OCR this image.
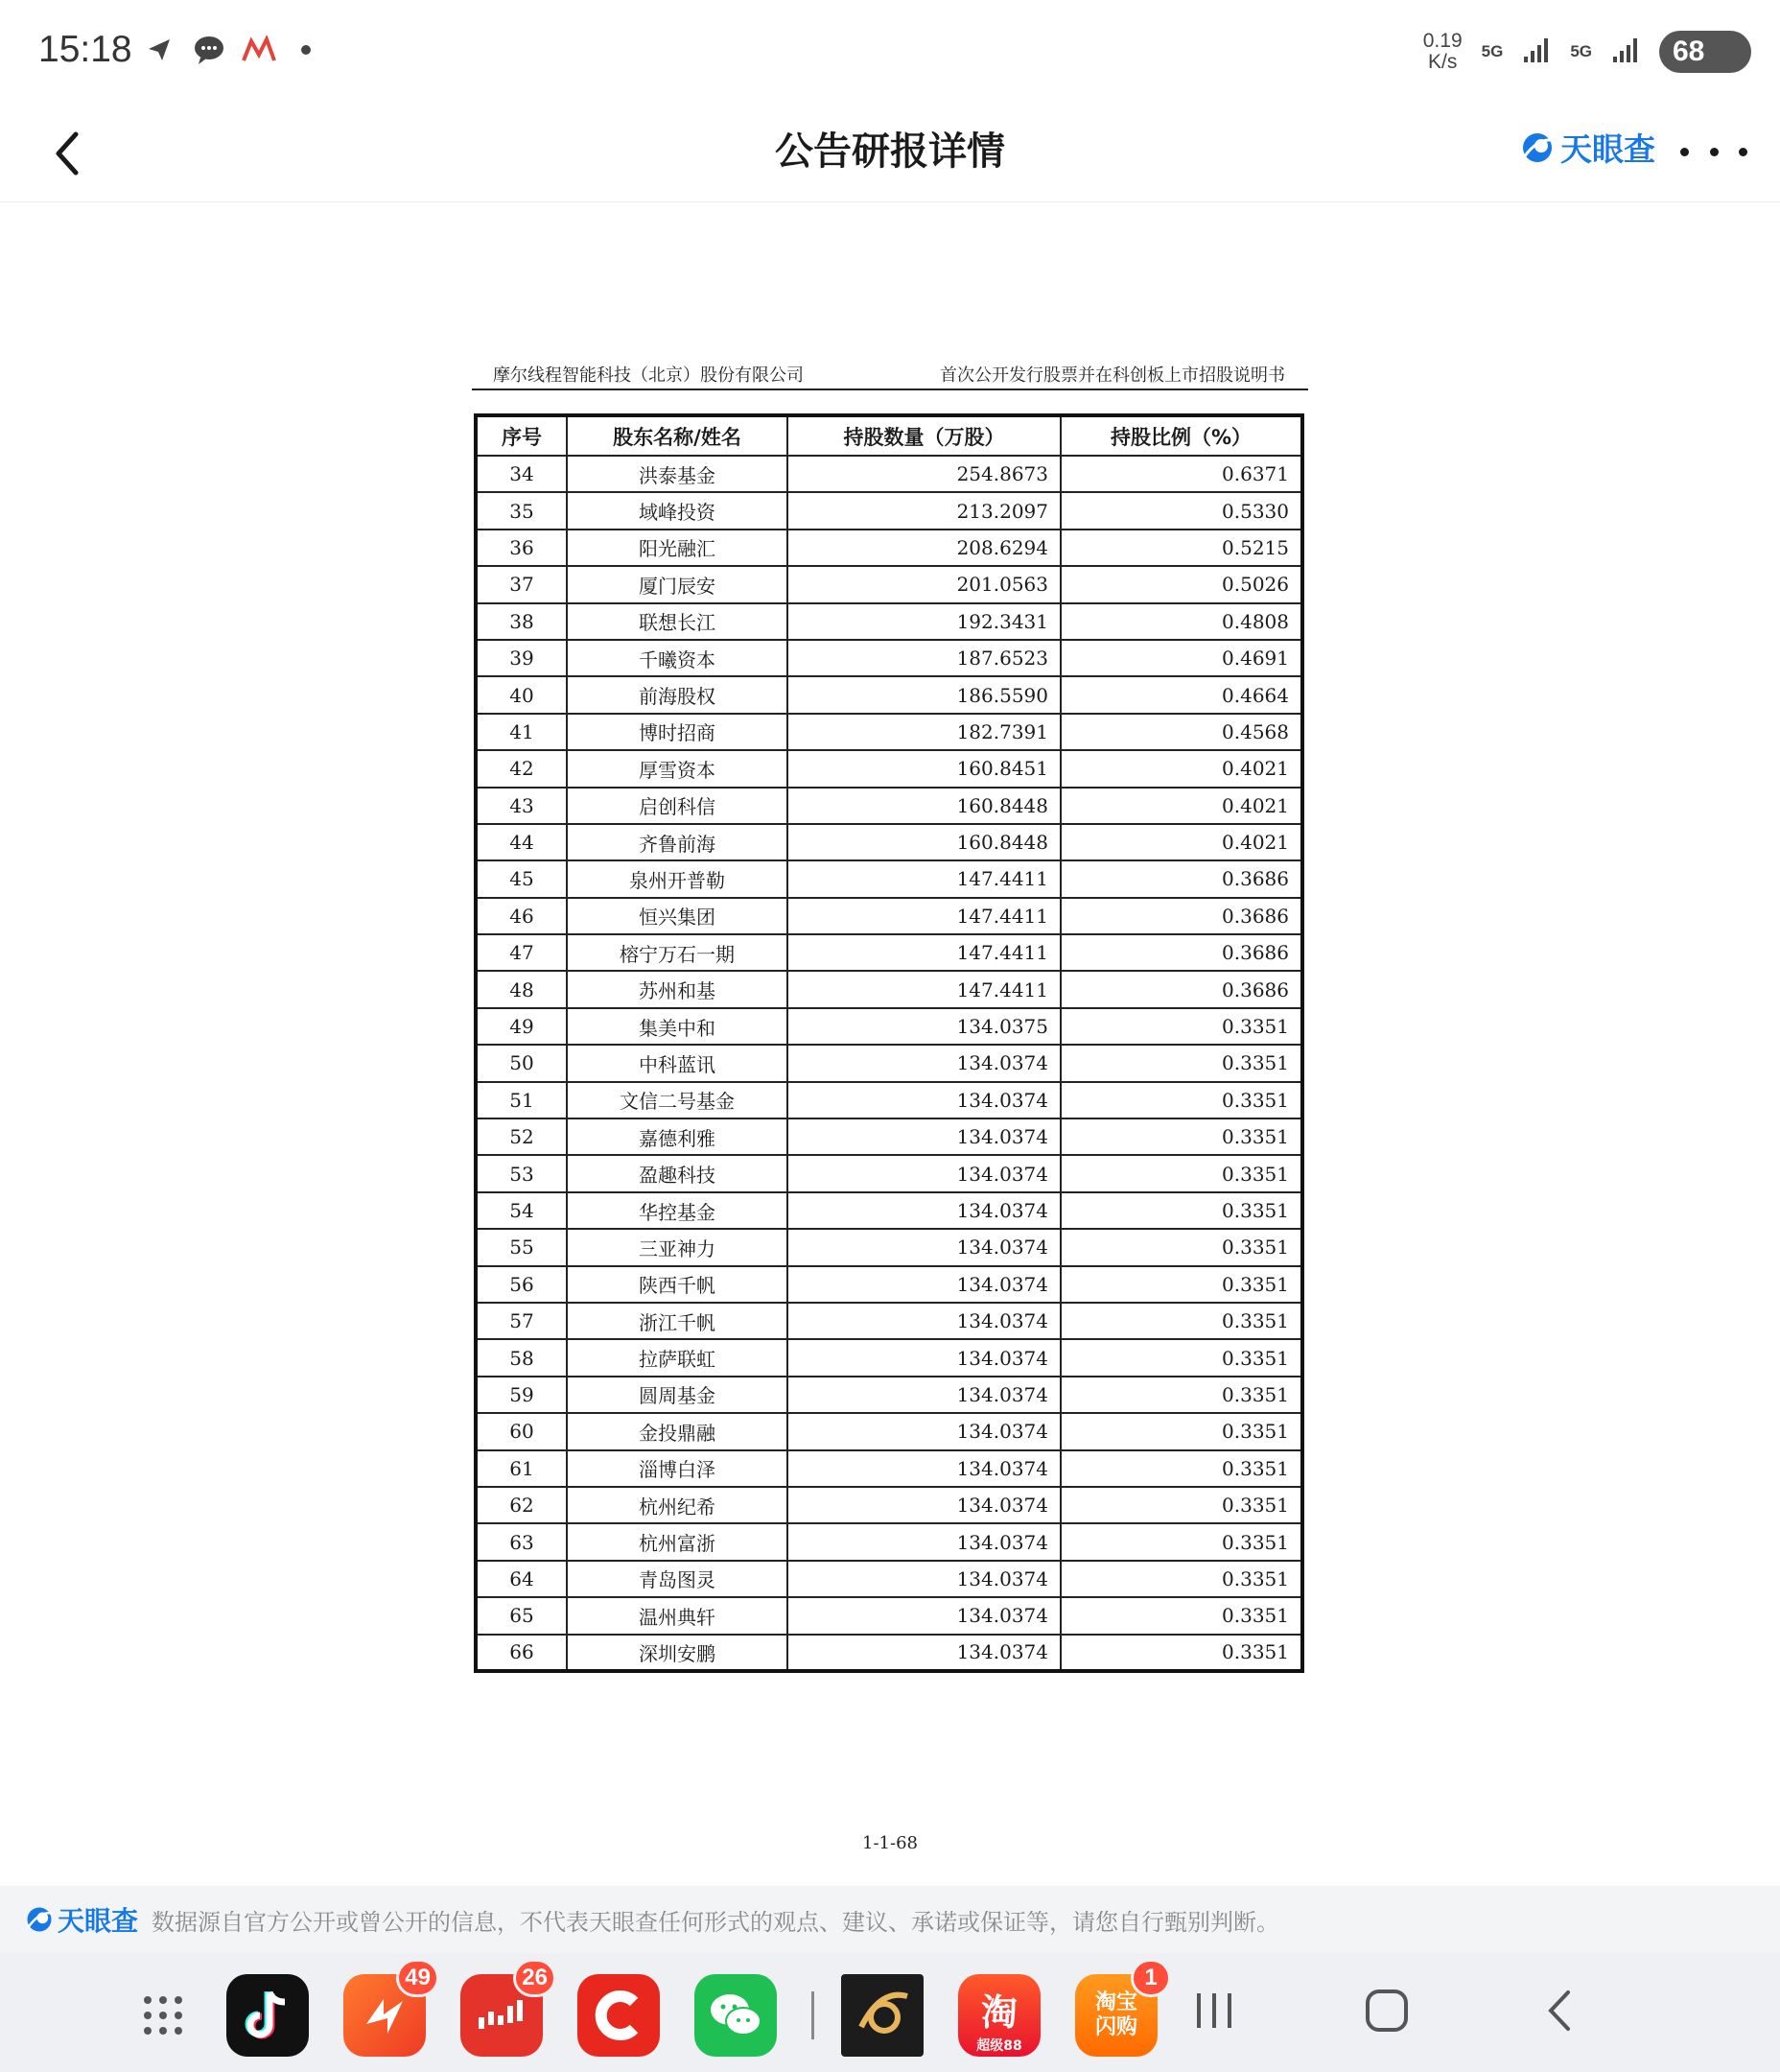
15:18	0.19
K/s	5G	5G	68
公告研报详情	天眼查
摩尔线程智能科技（北京）股份有限公司	首次公开发行股票并在科创板上市招股说明书
序号	股东名称/姓名	持股数量（万股）	持股比例（%）
34	洪泰基金	254.8673	0.6371
35	域峰投资	213.2097	0.5330
36	阳光融汇	208.6294	0.5215
37	厦门辰安	201.0563	0.5026
38	联想长江	192.3431	0.4808
39	千曦资本	187.6523	0.4691
40	前海股权	186.5590	0.4664
41	博时招商	182.7391	0.4568
42	厚雪资本	160.8451	0.4021
43	启创科信	160.8448	0.4021
44	齐鲁前海	160.8448	0.4021
45	泉州开普勒	147.4411	0.3686
46	恒兴集团	147.4411	0.3686
47	榕宁万石一期	147.4411	0.3686
48	苏州和基	147.4411	0.3686
49	集美中和	134.0375	0.3351
50	中科蓝讯	134.0374	0.3351
51	文信二号基金	134.0374	0.3351
52	嘉德利雅	134.0374	0.3351
53	盈趣科技	134.0374	0.3351
54	华控基金	134.0374	0.3351
55	三亚神力	134.0374	0.3351
56	陕西千帆	134.0374	0.3351
57	浙江千帆	134.0374	0.3351
58	拉萨联虹	134.0374	0.3351
59	圆周基金	134.0374	0.3351
60	金投鼎融	134.0374	0.3351
61	淄博白泽	134.0374	0.3351
62	杭州纪希	134.0374	0.3351
63	杭州富浙	134.0374	0.3351
64	青岛图灵	134.0374	0.3351
65	温州典轩	134.0374	0.3351
66	深圳安鹏	134.0374	0.3351
1-1-68
天眼查 数据源自官方公开或曾公开的信息，不代表天眼查任何形式的观点、建议、承诺或保证等，请您自行甄别判断。
49	26
淘
超级88
淘宝
闪购
1
